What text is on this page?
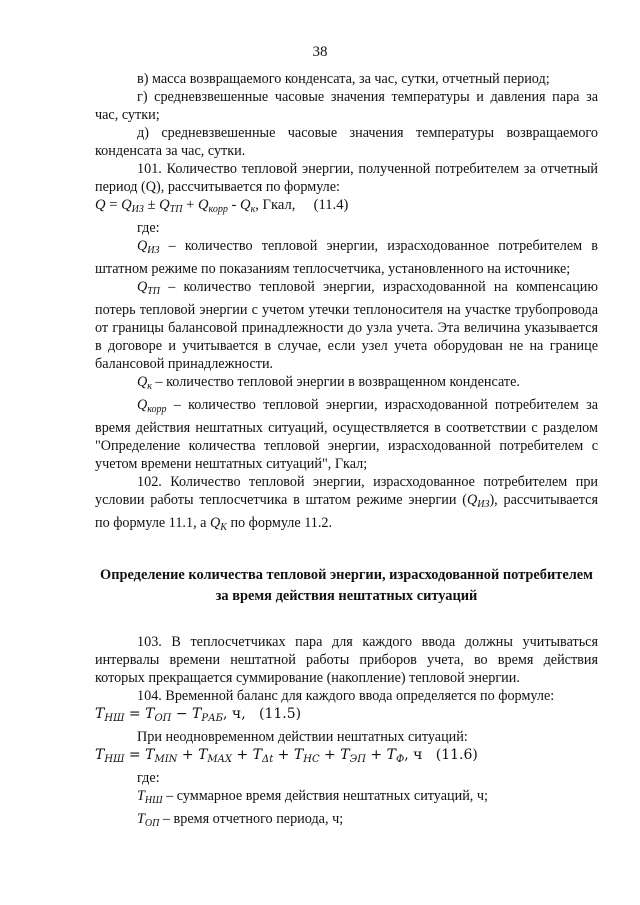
38

в) масса возвращаемого конденсата, за час, сутки, отчетный период;

г) средневзвешенные часовые значения температуры и давления пара за час, сутки;

д) средневзвешенные часовые значения температуры возвращаемого конденсата за час, сутки.

101. Количество тепловой энергии, полученной потребителем за отчетный период (Q), рассчитывается по формуле:

$Q = Q_{ИЗ} \pm Q_{ТП} + Q_{корр} - Q_к$, Гкал, (11.4)

где:

$Q_{ИЗ}$ – количество тепловой энергии, израсходованное потребителем в штатном режиме по показаниям теплосчетчика, установленного на источнике;

$Q_{ТП}$ – количество тепловой энергии, израсходованной на компенсацию потерь тепловой энергии с учетом утечки теплоносителя на участке трубопровода от границы балансовой принадлежности до узла учета. Эта величина указывается в договоре и учитывается в случае, если узел учета оборудован не на границе балансовой принадлежности.

$Q_к$ – количество тепловой энергии в возвращенном конденсате.

$Q_{корр}$ – количество тепловой энергии, израсходованной потребителем за время действия нештатных ситуаций, осуществляется в соответствии с разделом "Определение количества тепловой энергии, израсходованной потребителем с учетом времени нештатных ситуаций", Гкал;

102. Количество тепловой энергии, израсходованное потребителем при условии работы теплосчетчика в штатом режиме энергии $(Q_{ИЗ})$, рассчитывается по формуле 11.1, а $Q_К$ по формуле 11.2.

Определение количества тепловой энергии, израсходованной потребителем за время действия нештатных ситуаций

103. В теплосчетчиках пара для каждого ввода должны учитываться интервалы времени нештатной работы приборов учета, во время действия которых прекращается суммирование (накопление) тепловой энергии.

104. Временной баланс для каждого ввода определяется по формуле:

$T_{НШ} = T_{ОП} - T_{РАБ}$, ч, (11.5)

При неодновременном действии нештатных ситуаций:

$T_{НШ} = T_{MIN} + T_{MAX} + T_{\Delta t} + T_{НС} + T_{ЭП} + T_Ф$, ч (11.6)

где:

$T_{НШ}$ – суммарное время действия нештатных ситуаций, ч;

$T_{ОП}$ – время отчетного периода, ч;
